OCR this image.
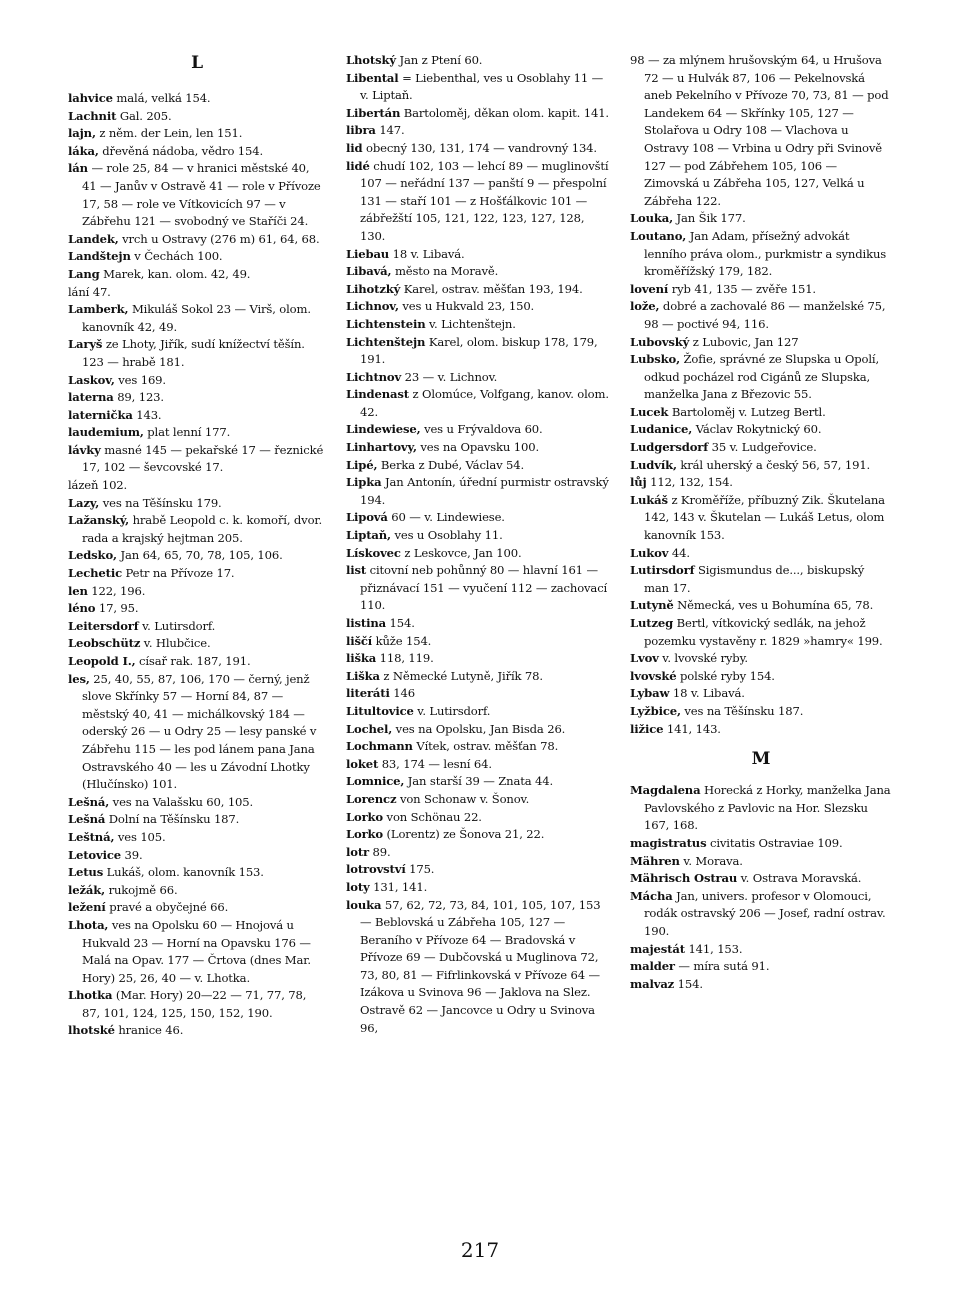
L

lahvice malá, velká 154.

Lachnit Gal. 205.

lajn, z něm. der Lein, len 151.

láka, dřevěná nádoba, vědro 154.

lán — role 25, 84 — v hranici městské 40, 41 — Janův v Ostravě 41 — role v Přívoze 17, 58 — role ve Vítkovicích 97 — v Zábřehu 121 — svobodný ve Staříči 24.

Landek, vrch u Ostravy (276 m) 61, 64, 68.

Landštejn v Čechách 100.

Lang Marek, kan. olom. 42, 49.

lání 47.

Lamberk, Mikuláš Sokol 23 — Virš, olom. kanovník 42, 49.

Laryš ze Lhoty, Jiřík, sudí knížectví těšín. 123 — hrabě 181.

Laskov, ves 169.

laterna 89, 123.

laternička 143.

laudemium, plat lenní 177.

lávky masné 145 — pekařské 17 — řeznické 17, 102 — ševcovské 17.

lázeň 102.

Lazy, ves na Těšínsku 179.

Lažanský, hrabě Leopold c. k. komoří, dvor. rada a krajský hejtman 205.

Ledsko, Jan 64, 65, 70, 78, 105, 106.

Lechetic Petr na Přívoze 17.

len 122, 196.

léno 17, 95.

Leitersdorf v. Lutirsdorf.

Leobschütz v. Hlubčice.

Leopold I., císař rak. 187, 191.

les, 25, 40, 55, 87, 106, 170 — černý, jenž slove Skřínky 57 — Horní 84, 87 — městský 40, 41 — michálkovský 184 — oderský 26 — u Odry 25 — lesy panské v Zábřehu 115 — les pod lánem pana Jana Ostravského 40 — les u Závodní Lhotky (Hlučínsko) 101.

Lešná, ves na Valašsku 60, 105.

Lešná Dolní na Těšínsku 187.

Leštná, ves 105.

Letovice 39.

Letus Lukáš, olom. kanovník 153.

ležák, rukojmě 66.

ležení pravé a obyčejné 66.

Lhota, ves na Opolsku 60 — Hnojová u Hukvald 23 — Horní na Opavsku 176 — Malá na Opav. 177 — Črtova (dnes Mar. Hory) 25, 26, 40 — v. Lhotka.

Lhotka (Mar. Hory) 20—22 — 71, 77, 78, 87, 101, 124, 125, 150, 152, 190.

lhotské hranice 46.

Lhotský Jan z Ptení 60.

Libental = Liebenthal, ves u Osoblahy 11 — v. Liptaň.

Libertán Bartoloměj, děkan olom. kapit. 141.

libra 147.

lid obecný 130, 131, 174 — vandrovný 134.

lidé chudí 102, 103 — lehcí 89 — muglinovští 107 — neřádní 137 — panští 9 — přespolní 131 — staří 101 — z Hošťálkovic 101 — zábřežští 105, 121, 122, 123, 127, 128, 130.

Liebau 18 v. Libavá.

Libavá, město na Moravě.

Lihotzký Karel, ostrav. měšťan 193, 194.

Lichnov, ves u Hukvald 23, 150.

Lichtenstein v. Lichtenštejn.

Lichtenštejn Karel, olom. biskup 178, 179, 191.

Lichtnov 23 — v. Lichnov.

Lindenast z Olomúce, Volfgang, kanov. olom. 42.

Lindewiese, ves u Frývaldova 60.

Linhartovy, ves na Opavsku 100.

Lipé, Berka z Dubé, Václav 54.

Lipka Jan Antonín, úřední purmistr ostravský 194.

Lipová 60 — v. Lindewiese.

Liptaň, ves u Osoblahy 11.

Lískovec z Leskovce, Jan 100.

list citovní neb pohůnný 80 — hlavní 161 — přiznávací 151 — vyučení 112 — zachovací 110.

listina 154.

liščí kůže 154.

liška 118, 119.

Liška z Německé Lutyně, Jiřík 78.

literáti 146

Litultovice v. Lutirsdorf.

Lochel, ves na Opolsku, Jan Bisda 26.

Lochmann Vítek, ostrav. měšťan 78.

loket 83, 174 — lesní 64.

Lomnice, Jan starší 39 — Znata 44.

Lorencz von Schonaw v. Šonov.

Lorko von Schönau 22.

Lorko (Lorentz) ze Šonova 21, 22.

lotr 89.

lotrovství 175.

loty 131, 141.

louka 57, 62, 72, 73, 84, 101, 105, 107, 153 — Beblovská u Zábřeha 105, 127 — Beraního v Přívoze 64 — Bradovská v Přívoze 69 — Dubčovská u Muglinova 72, 73, 80, 81 — Fifrlinkovská v Přívoze 64 — Izákova u Svinova 96 — Jaklova na Slez. Ostravě 62 — Jancovce u Odry u Svinova 96,

98 — za mlýnem hrušovským 64, u Hrušova 72 — u Hulvák 87, 106 — Pekelnovská aneb Pekelního v Přívoze 70, 73, 81 — pod Landekem 64 — Skřínky 105, 127 — Stolařova u Odry 108 — Vlachova u Ostravy 108 — Vrbina u Odry při Svinově 127 — pod Zábřehem 105, 106 — Zimovská u Zábřeha 105, 127, Velká u Zábřeha 122.

Louka, Jan Šik 177.

Loutano, Jan Adam, přísežný advokát lenního práva olom., purkmistr a syndikus kroměřížský 179, 182.

lovení ryb 41, 135 — zvěře 151.

lože, dobré a zachovalé 86 — manželské 75, 98 — poctivé 94, 116.

Lubovský z Lubovic, Jan 127

Lubsko, Žofie, správné ze Slupska u Opolí, odkud pocházel rod Cigánů ze Slupska, manželka Jana z Březovic 55.

Lucek Bartoloměj v. Lutzeg Bertl.

Ludanice, Václav Rokytnický 60.

Ludgersdorf 35 v. Ludgeřovice.

Ludvík, král uherský a český 56, 57, 191.

lůj 112, 132, 154.

Lukáš z Kroměříže, příbuzný Zik. Škutelana 142, 143 v. Škutelan — Lukáš Letus, olom kanovník 153.

Lukov 44.

Lutirsdorf Sigismundus de..., biskupský man 17.

Lutyně Německá, ves u Bohumína 65, 78.

Lutzeg Bertl, vítkovický sedlák, na jehož pozemku vystavěny r. 1829 »hamry« 199.

Lvov v. lvovské ryby.

lvovské polské ryby 154.

Lybaw 18 v. Libavá.

Lyžbice, ves na Těšínsku 187.

ližice 141, 143.

M

Magdalena Horecká z Horky, manželka Jana Pavlovského z Pavlovic na Hor. Slezsku 167, 168.

magistratus civitatis Ostraviae 109.

Mähren v. Morava.

Mährisch Ostrau v. Ostrava Moravská.

Mácha Jan, univers. profesor v Olomouci, rodák ostravský 206 — Josef, radní ostrav. 190.

majestát 141, 153.

malder — míra sutá 91.

malvaz 154.

217
